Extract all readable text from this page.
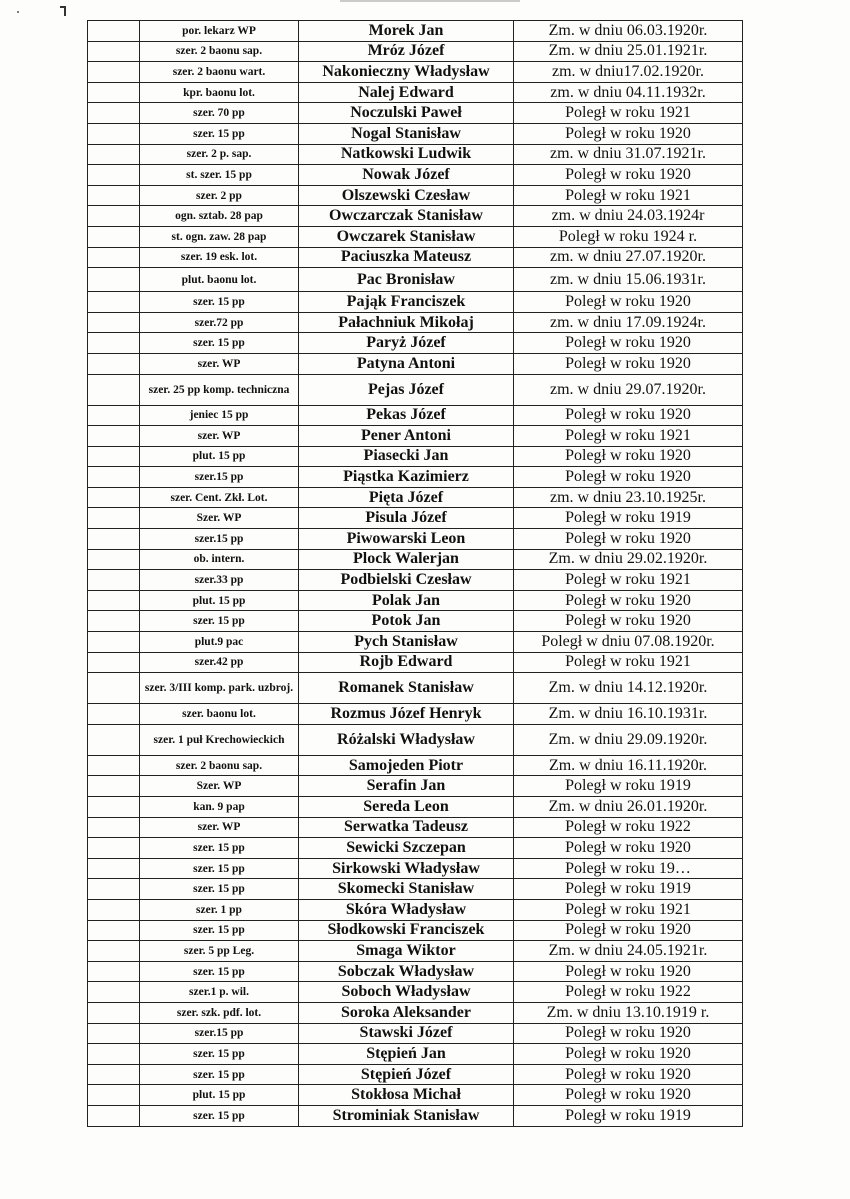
	por. lekarz WP	Morek Jan	Zm. w dniu 06.03.1920r.
	szer. 2 baonu sap.	Mróz Józef	Zm. w dniu 25.01.1921r.
	szer. 2 baonu wart.	Nakonieczny Władysław	zm. w dniu17.02.1920r.
	kpr. baonu lot.	Nalej Edward	zm. w dniu 04.11.1932r.
	szer. 70 pp	Noczulski Paweł	Poległ w roku 1921
	szer. 15 pp	Nogal Stanisław	Poległ w roku 1920
	szer. 2 p. sap.	Natkowski Ludwik	zm. w dniu 31.07.1921r.
	st. szer. 15 pp	Nowak Józef	Poległ w roku 1920
	szer. 2 pp	Olszewski Czesław	Poległ w roku 1921
	ogn. sztab. 28 pap	Owczarczak Stanisław	zm. w dniu 24.03.1924r
	st. ogn. zaw. 28 pap	Owczarek Stanisław	Poległ w roku 1924 r.
	szer. 19 esk. lot.	Paciuszka Mateusz	zm. w dniu 27.07.1920r.
	plut. baonu lot.	Pac Bronisław	zm. w dniu 15.06.1931r.
	szer. 15 pp	Pająk Franciszek	Poległ w roku 1920
	szer.72 pp	Pałachniuk Mikołaj	zm. w dniu 17.09.1924r.
	szer. 15 pp	Paryż Józef	Poległ w roku 1920
	szer. WP	Patyna Antoni	Poległ w roku 1920
	szer. 25 pp komp. techniczna	Pejas Józef	zm. w dniu 29.07.1920r.
	jeniec 15 pp	Pekas Józef	Poległ w roku 1920
	szer. WP	Pener Antoni	Poległ w roku 1921
	plut. 15 pp	Piasecki Jan	Poległ w roku 1920
	szer.15 pp	Piąstka Kazimierz	Poległ w roku 1920
	szer. Cent. Zkł. Lot.	Pięta Józef	zm. w dniu 23.10.1925r.
	Szer. WP	Pisula Józef	Poległ w roku 1919
	szer.15 pp	Piwowarski Leon	Poległ w roku 1920
	ob. intern.	Plock Walerjan	Zm. w dniu 29.02.1920r.
	szer.33 pp	Podbielski Czesław	Poległ w roku 1921
	plut. 15 pp	Polak Jan	Poległ w roku 1920
	szer. 15 pp	Potok Jan	Poległ w roku 1920
	plut.9 pac	Pych Stanisław	Poległ w dniu 07.08.1920r.
	szer.42 pp	Rojb Edward	Poległ w roku 1921
	szer. 3/III komp. park. uzbroj.	Romanek Stanisław	Zm. w dniu 14.12.1920r.
	szer. baonu lot.	Rozmus Józef Henryk	Zm. w dniu 16.10.1931r.
	szer. 1 puł Krechowieckich	Różalski Władysław	Zm. w dniu 29.09.1920r.
	szer. 2 baonu sap.	Samojeden Piotr	Zm. w dniu 16.11.1920r.
	Szer. WP	Serafin Jan	Poległ w roku 1919
	kan. 9 pap	Sereda Leon	Zm. w dniu 26.01.1920r.
	szer. WP	Serwatka Tadeusz	Poległ w roku 1922
	szer. 15 pp	Sewicki Szczepan	Poległ w roku 1920
	szer. 15 pp	Sirkowski Władysław	Poległ w roku 19…
	szer. 15 pp	Skomecki Stanisław	Poległ w roku 1919
	szer. 1 pp	Skóra Władysław	Poległ w roku 1921
	szer. 15 pp	Słodkowski Franciszek	Poległ w roku 1920
	szer. 5 pp Leg.	Smaga Wiktor	Zm. w dniu 24.05.1921r.
	szer. 15 pp	Sobczak Władysław	Poległ w roku 1920
	szer.1 p. wil.	Soboch Władysław	Poległ w roku 1922
	szer. szk. pdf. lot.	Soroka Aleksander	Zm. w dniu 13.10.1919 r.
	szer.15 pp	Stawski Józef	Poległ w roku 1920
	szer. 15 pp	Stępień Jan	Poległ w roku 1920
	szer. 15 pp	Stępień Józef	Poległ w roku 1920
	plut. 15 pp	Stokłosa Michał	Poległ w roku 1920
	szer. 15 pp	Strominiak Stanisław	Poległ w roku 1919
